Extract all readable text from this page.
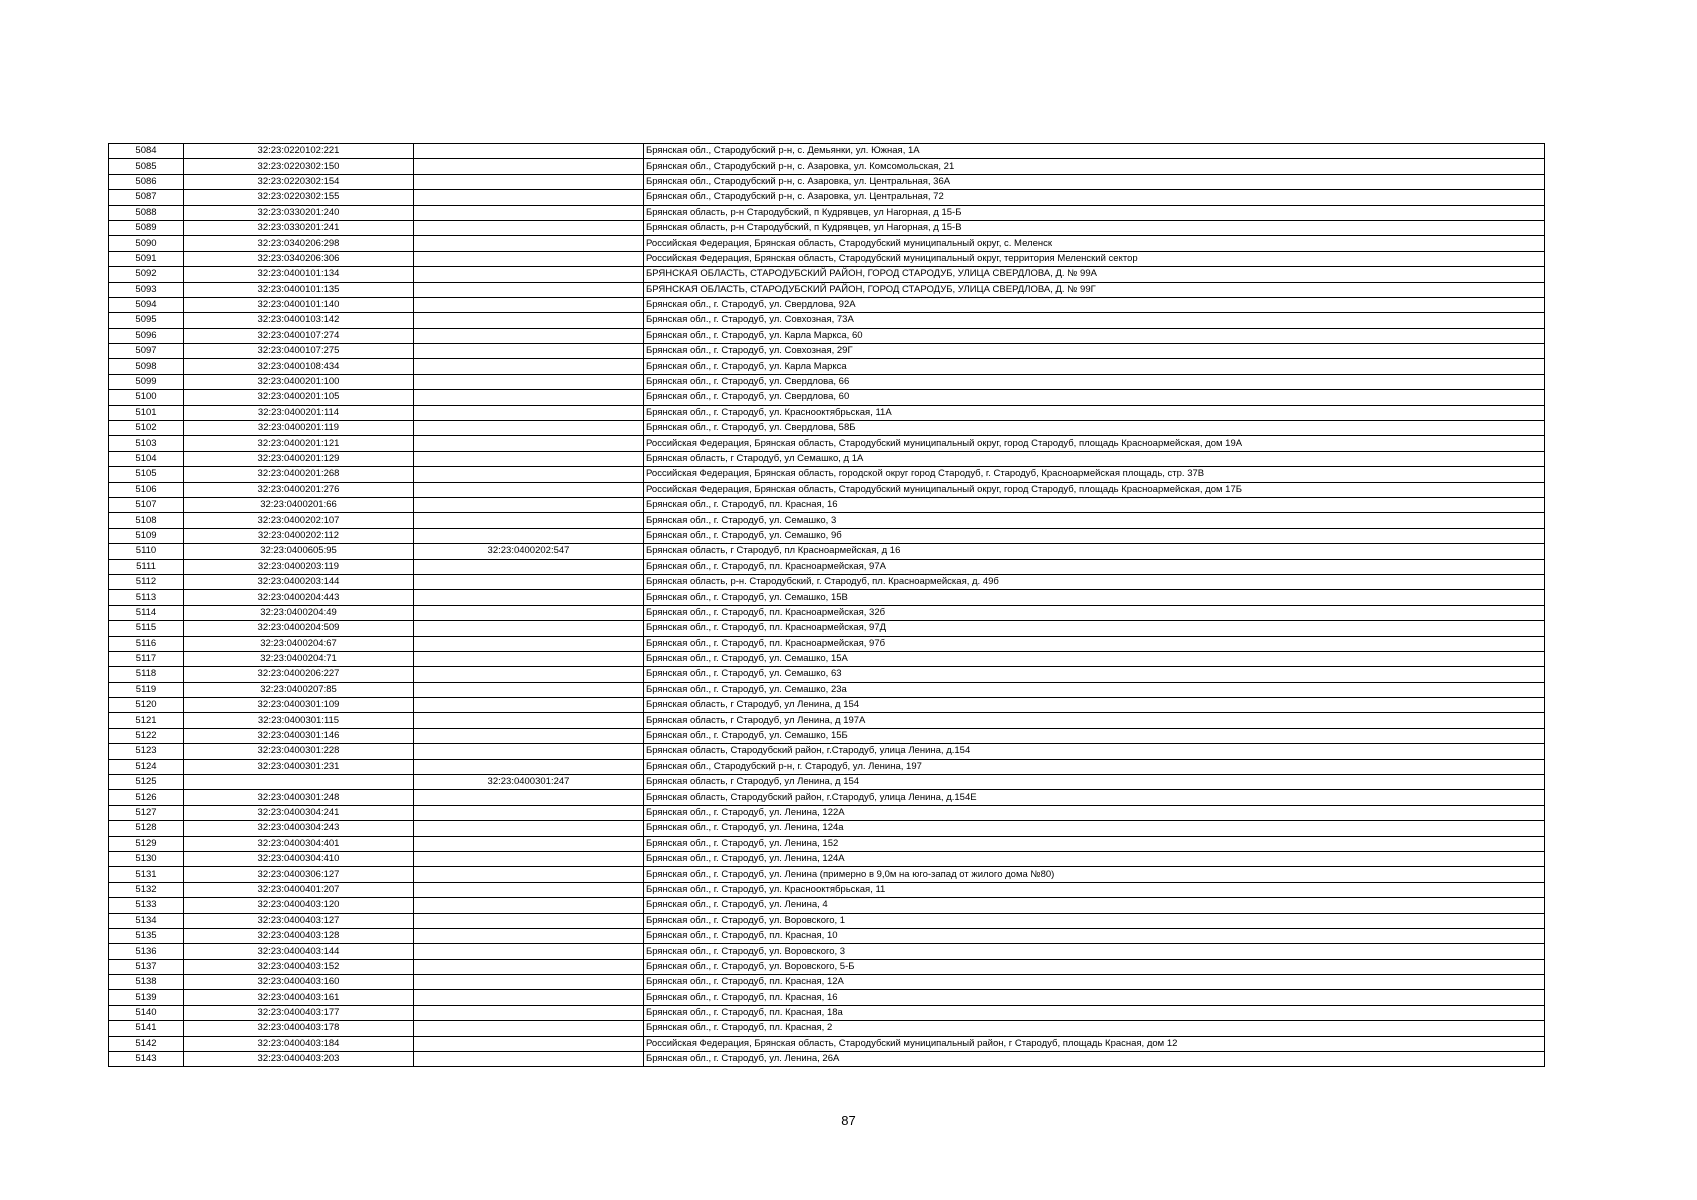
5084	32:23:0220102:221		Брянская обл., Стародубский р-н, с. Демьянки, ул. Южная, 1А
5085	32:23:0220302:150		Брянская обл., Стародубский р-н, с. Азаровка, ул. Комсомольская, 21
5086	32:23:0220302:154		Брянская обл., Стародубский р-н, с. Азаровка, ул. Центральная, 36А
5087	32:23:0220302:155		Брянская обл., Стародубский р-н, с. Азаровка, ул. Центральная, 72
5088	32:23:0330201:240		Брянская область, р-н Стародубский, п Кудрявцев, ул Нагорная, д 15-Б
5089	32:23:0330201:241		Брянская область, р-н Стародубский, п Кудрявцев, ул Нагорная, д 15-В
5090	32:23:0340206:298		Российская Федерация, Брянская область, Стародубский муниципальный округ, с. Меленск
5091	32:23:0340206:306		Российская Федерация, Брянская область, Стародубский муниципальный округ, территория Меленский сектор
5092	32:23:0400101:134		БРЯНСКАЯ ОБЛАСТЬ, СТАРОДУБСКИЙ РАЙОН, ГОРОД СТАРОДУБ, УЛИЦА СВЕРДЛОВА, Д. № 99А
5093	32:23:0400101:135		БРЯНСКАЯ ОБЛАСТЬ, СТАРОДУБСКИЙ РАЙОН, ГОРОД СТАРОДУБ, УЛИЦА СВЕРДЛОВА, Д. № 99Г
5094	32:23:0400101:140		Брянская обл., г. Стародуб, ул. Свердлова, 92А
5095	32:23:0400103:142		Брянская обл., г. Стародуб, ул. Совхозная, 73А
5096	32:23:0400107:274		Брянская обл., г. Стародуб, ул. Карла Маркса, 60
5097	32:23:0400107:275		Брянская обл., г. Стародуб, ул. Совхозная, 29Г
5098	32:23:0400108:434		Брянская обл., г. Стародуб, ул. Карла Маркса
5099	32:23:0400201:100		Брянская обл., г. Стародуб, ул. Свердлова, 66
5100	32:23:0400201:105		Брянская обл., г. Стародуб, ул. Свердлова, 60
5101	32:23:0400201:114		Брянская обл., г. Стародуб, ул. Краснооктябрьская, 11А
5102	32:23:0400201:119		Брянская обл., г. Стародуб, ул. Свердлова, 58Б
5103	32:23:0400201:121		Российская Федерация, Брянская область, Стародубский муниципальный округ, город Стародуб, площадь Красноармейская, дом 19А
5104	32:23:0400201:129		Брянская область, г Стародуб, ул Семашко, д 1А
5105	32:23:0400201:268		Российская Федерация, Брянская область, городской округ город Стародуб, г. Стародуб, Красноармейская площадь, стр. 37В
5106	32:23:0400201:276		Российская Федерация, Брянская область, Стародубский муниципальный округ, город Стародуб, площадь Красноармейская, дом 17Б
5107	32:23:0400201:66		Брянская обл., г. Стародуб, пл. Красная, 16
5108	32:23:0400202:107		Брянская обл., г. Стародуб, ул. Семашко, 3
5109	32:23:0400202:112		Брянская обл., г. Стародуб, ул. Семашко, 9б
5110	32:23:0400605:95	32:23:0400202:547	Брянская область, г Стародуб, пл Красноармейская, д 16
5111	32:23:0400203:119		Брянская обл., г. Стародуб, пл. Красноармейская, 97А
5112	32:23:0400203:144		Брянская область, р-н. Стародубский, г. Стародуб, пл. Красноармейская, д. 49б
5113	32:23:0400204:443		Брянская обл., г. Стародуб, ул. Семашко, 15В
5114	32:23:0400204:49		Брянская обл., г. Стародуб, пл. Красноармейская, 32б
5115	32:23:0400204:509		Брянская обл., г. Стародуб, пл. Красноармейская, 97Д
5116	32:23:0400204:67		Брянская обл., г. Стародуб, пл. Красноармейская, 97б
5117	32:23:0400204:71		Брянская обл., г. Стародуб, ул. Семашко, 15А
5118	32:23:0400206:227		Брянская обл., г. Стародуб, ул. Семашко, 63
5119	32:23:0400207:85		Брянская обл., г. Стародуб, ул. Семашко, 23а
5120	32:23:0400301:109		Брянская область, г Стародуб, ул Ленина, д 154
5121	32:23:0400301:115		Брянская область, г Стародуб, ул Ленина, д 197А
5122	32:23:0400301:146		Брянская обл., г. Стародуб, ул. Семашко, 15Б
5123	32:23:0400301:228		Брянская область, Стародубский район, г.Стародуб, улица Ленина, д.154
5124	32:23:0400301:231		Брянская обл., Стародубский р-н, г. Стародуб, ул. Ленина, 197
5125		32:23:0400301:247	Брянская область, г Стародуб, ул Ленина, д 154
5126	32:23:0400301:248		Брянская область, Стародубский район, г.Стародуб, улица Ленина, д.154Е
5127	32:23:0400304:241		Брянская обл., г. Стародуб, ул. Ленина, 122А
5128	32:23:0400304:243		Брянская обл., г. Стародуб, ул. Ленина, 124а
5129	32:23:0400304:401		Брянская обл., г. Стародуб, ул. Ленина, 152
5130	32:23:0400304:410		Брянская обл., г. Стародуб, ул. Ленина, 124А
5131	32:23:0400306:127		Брянская обл., г. Стародуб, ул. Ленина (примерно в 9,0м на юго-запад от жилого дома №80)
5132	32:23:0400401:207		Брянская обл., г. Стародуб, ул. Краснооктябрьская, 11
5133	32:23:0400403:120		Брянская обл., г. Стародуб, ул. Ленина, 4
5134	32:23:0400403:127		Брянская обл., г. Стародуб, ул. Воровского, 1
5135	32:23:0400403:128		Брянская обл., г. Стародуб, пл. Красная, 10
5136	32:23:0400403:144		Брянская обл., г. Стародуб, ул. Воровского, 3
5137	32:23:0400403:152		Брянская обл., г. Стародуб, ул. Воровского, 5-Б
5138	32:23:0400403:160		Брянская обл., г. Стародуб, пл. Красная, 12А
5139	32:23:0400403:161		Брянская обл., г. Стародуб, пл. Красная, 16
5140	32:23:0400403:177		Брянская обл., г. Стародуб, пл. Красная, 18а
5141	32:23:0400403:178		Брянская обл., г. Стародуб, пл. Красная, 2
5142	32:23:0400403:184		Российская Федерация, Брянская область, Стародубский муниципальный район, г Стародуб, площадь Красная, дом 12
5143	32:23:0400403:203		Брянская обл., г. Стародуб, ул. Ленина, 26А
87
